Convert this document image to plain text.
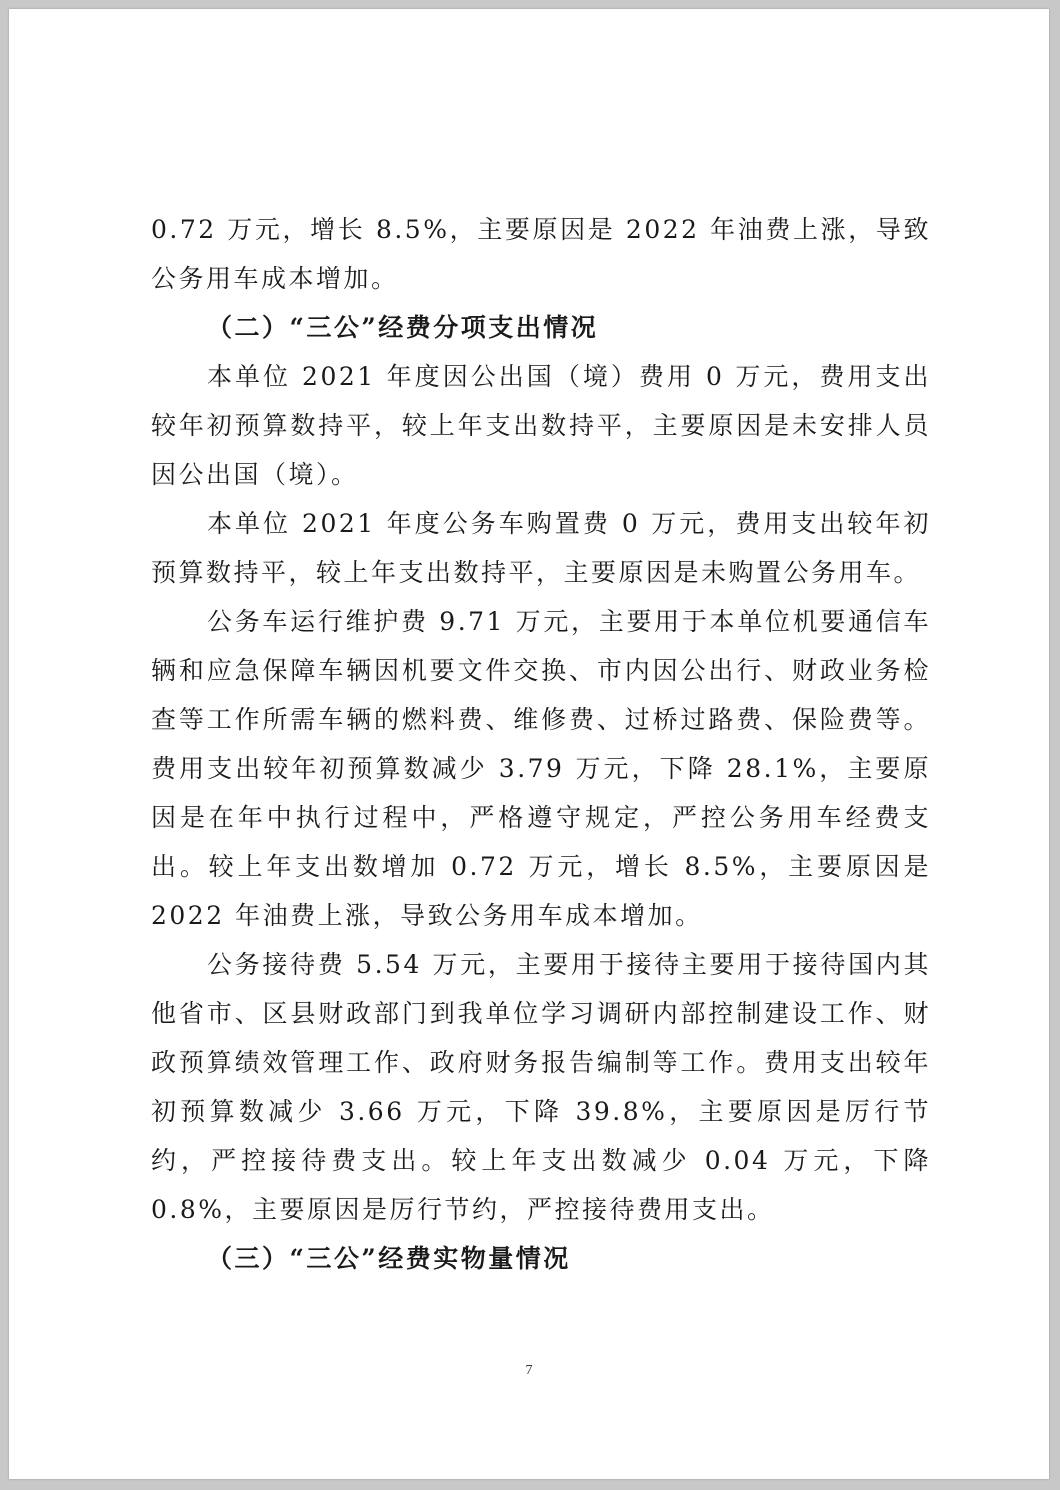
0.72 万元，增长 8.5%，主要原因是 2022 年油费上涨，导致公务用车成本增加。

（二）“三公”经费分项支出情况

本单位 2021 年度因公出国（境）费用 0 万元，费用支出较年初预算数持平，较上年支出数持平，主要原因是未安排人员因公出国（境）。

本单位 2021 年度公务车购置费 0 万元，费用支出较年初预算数持平，较上年支出数持平，主要原因是未购置公务用车。

公务车运行维护费 9.71 万元，主要用于本单位机要通信车辆和应急保障车辆因机要文件交换、市内因公出行、财政业务检查等工作所需车辆的燃料费、维修费、过桥过路费、保险费等。费用支出较年初预算数减少 3.79 万元，下降 28.1%，主要原因是在年中执行过程中，严格遵守规定，严控公务用车经费支出。较上年支出数增加 0.72 万元，增长 8.5%，主要原因是 2022 年油费上涨，导致公务用车成本增加。

公务接待费 5.54 万元，主要用于接待主要用于接待国内其他省市、区县财政部门到我单位学习调研内部控制建设工作、财政预算绩效管理工作、政府财务报告编制等工作。费用支出较年初预算数减少 3.66 万元，下降 39.8%，主要原因是厉行节约，严控接待费支出。较上年支出数减少 0.04 万元，下降 0.8%，主要原因是厉行节约，严控接待费用支出。

（三）“三公”经费实物量情况

7
